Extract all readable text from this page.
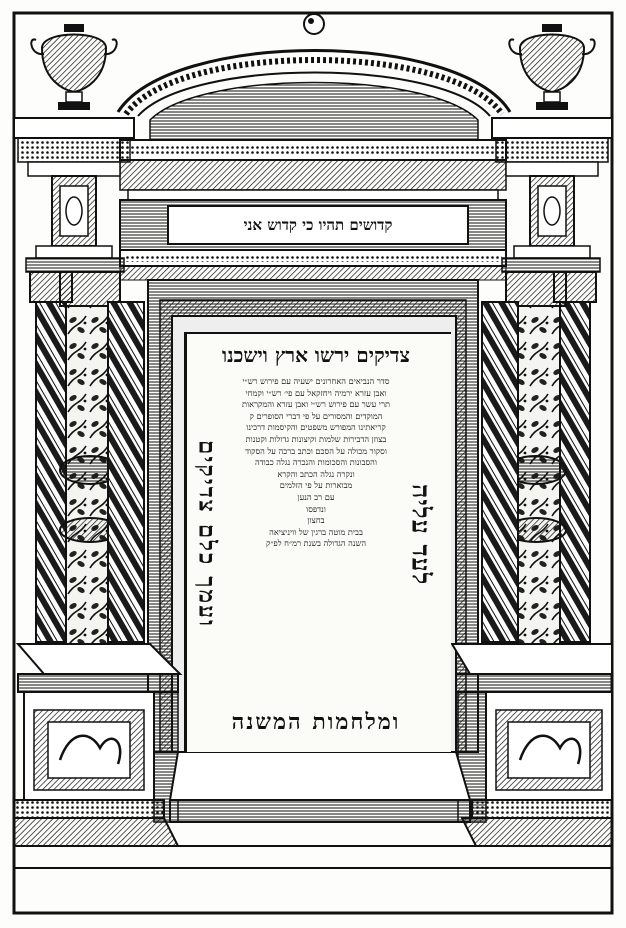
קדושים תהיו כי קדוש אני
צדיקים ירשו ארץ וישכנו
לעד עליה
ועמך כלם צדיקים
סדר הנביאים האחרונים ישעיה עם פירוש רש״י
ואבן עזרא ירמיה ויחזקאל עם פי׳ רש״י וקמחי
תרי עשר עם פירוש רש״י ואבן עזרא והמקראות
המוקדים והמסורים על פי דברי הסופרים ק
קריאתינו המפורש משפטים והקיסמות דרכינו
בצוזן הדבירות שלמות וקיצונות גדולות וקטנות
וסקור מכולה על הסכם וכתב ברכה על הסקוד
והסבונות והסכומות והנכרה נגלה כבודה
ונקרה נגלה הכתב והקרא
מבוארות על פי הזלמים
עם רב הנען
ונדפסו
בחצון
בבית מוטה ברגין של וויניציאה
השנה הגדולה בשנת רמ״ח לפ״ק
ומלחמות המשנה
